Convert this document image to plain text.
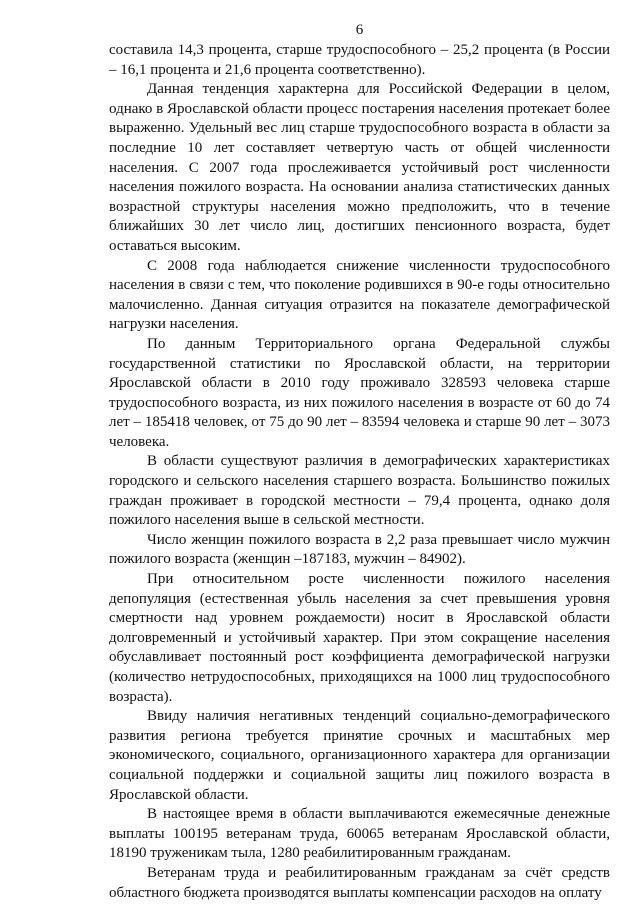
6

составила 14,3 процента, старше трудоспособного – 25,2 процента (в России – 16,1 процента и 21,6 процента соответственно).

Данная тенденция характерна для Российской Федерации в целом, однако в Ярославской области процесс постарения населения протекает более выраженно. Удельный вес лиц старше трудоспособного возраста в области за последние 10 лет составляет четвертую часть от общей численности населения. С 2007 года прослеживается устойчивый рост численности населения пожилого возраста. На основании анализа статистических данных возрастной структуры населения можно предположить, что в течение ближайших 30 лет число лиц, достигших пенсионного возраста, будет оставаться высоким.

С 2008 года наблюдается снижение численности трудоспособного населения в связи с тем, что поколение родившихся в 90-е годы относительно малочисленно. Данная ситуация отразится на показателе демографической нагрузки населения.

По данным Территориального органа Федеральной службы государственной статистики по Ярославской области, на территории Ярославской области в 2010 году проживало 328593 человека старше трудоспособного возраста, из них пожилого населения в возрасте от 60 до 74 лет – 185418 человек, от 75 до 90 лет – 83594 человека и старше 90 лет – 3073 человека.

В области существуют различия в демографических характеристиках городского и сельского населения старшего возраста. Большинство пожилых граждан проживает в городской местности – 79,4 процента, однако доля пожилого населения выше в сельской местности.

Число женщин пожилого возраста в 2,2 раза превышает число мужчин пожилого возраста (женщин –187183, мужчин – 84902).

При относительном росте численности пожилого населения депопуляция (естественная убыль населения за счет превышения уровня смертности над уровнем рождаемости) носит в Ярославской области долговременный и устойчивый характер. При этом сокращение населения обуславливает постоянный рост коэффициента демографической нагрузки (количество нетрудоспособных, приходящихся на 1000 лиц трудоспособного возраста).

Ввиду наличия негативных тенденций социально-демографического развития региона требуется принятие срочных и масштабных мер экономического, социального, организационного характера для организации социальной поддержки и социальной защиты лиц пожилого возраста в Ярославской области.

В настоящее время в области выплачиваются ежемесячные денежные выплаты 100195 ветеранам труда, 60065 ветеранам Ярославской области, 18190 труженикам тыла, 1280 реабилитированным гражданам.

Ветеранам труда и реабилитированным гражданам за счёт средств областного бюджета производятся выплаты компенсации расходов на оплату
